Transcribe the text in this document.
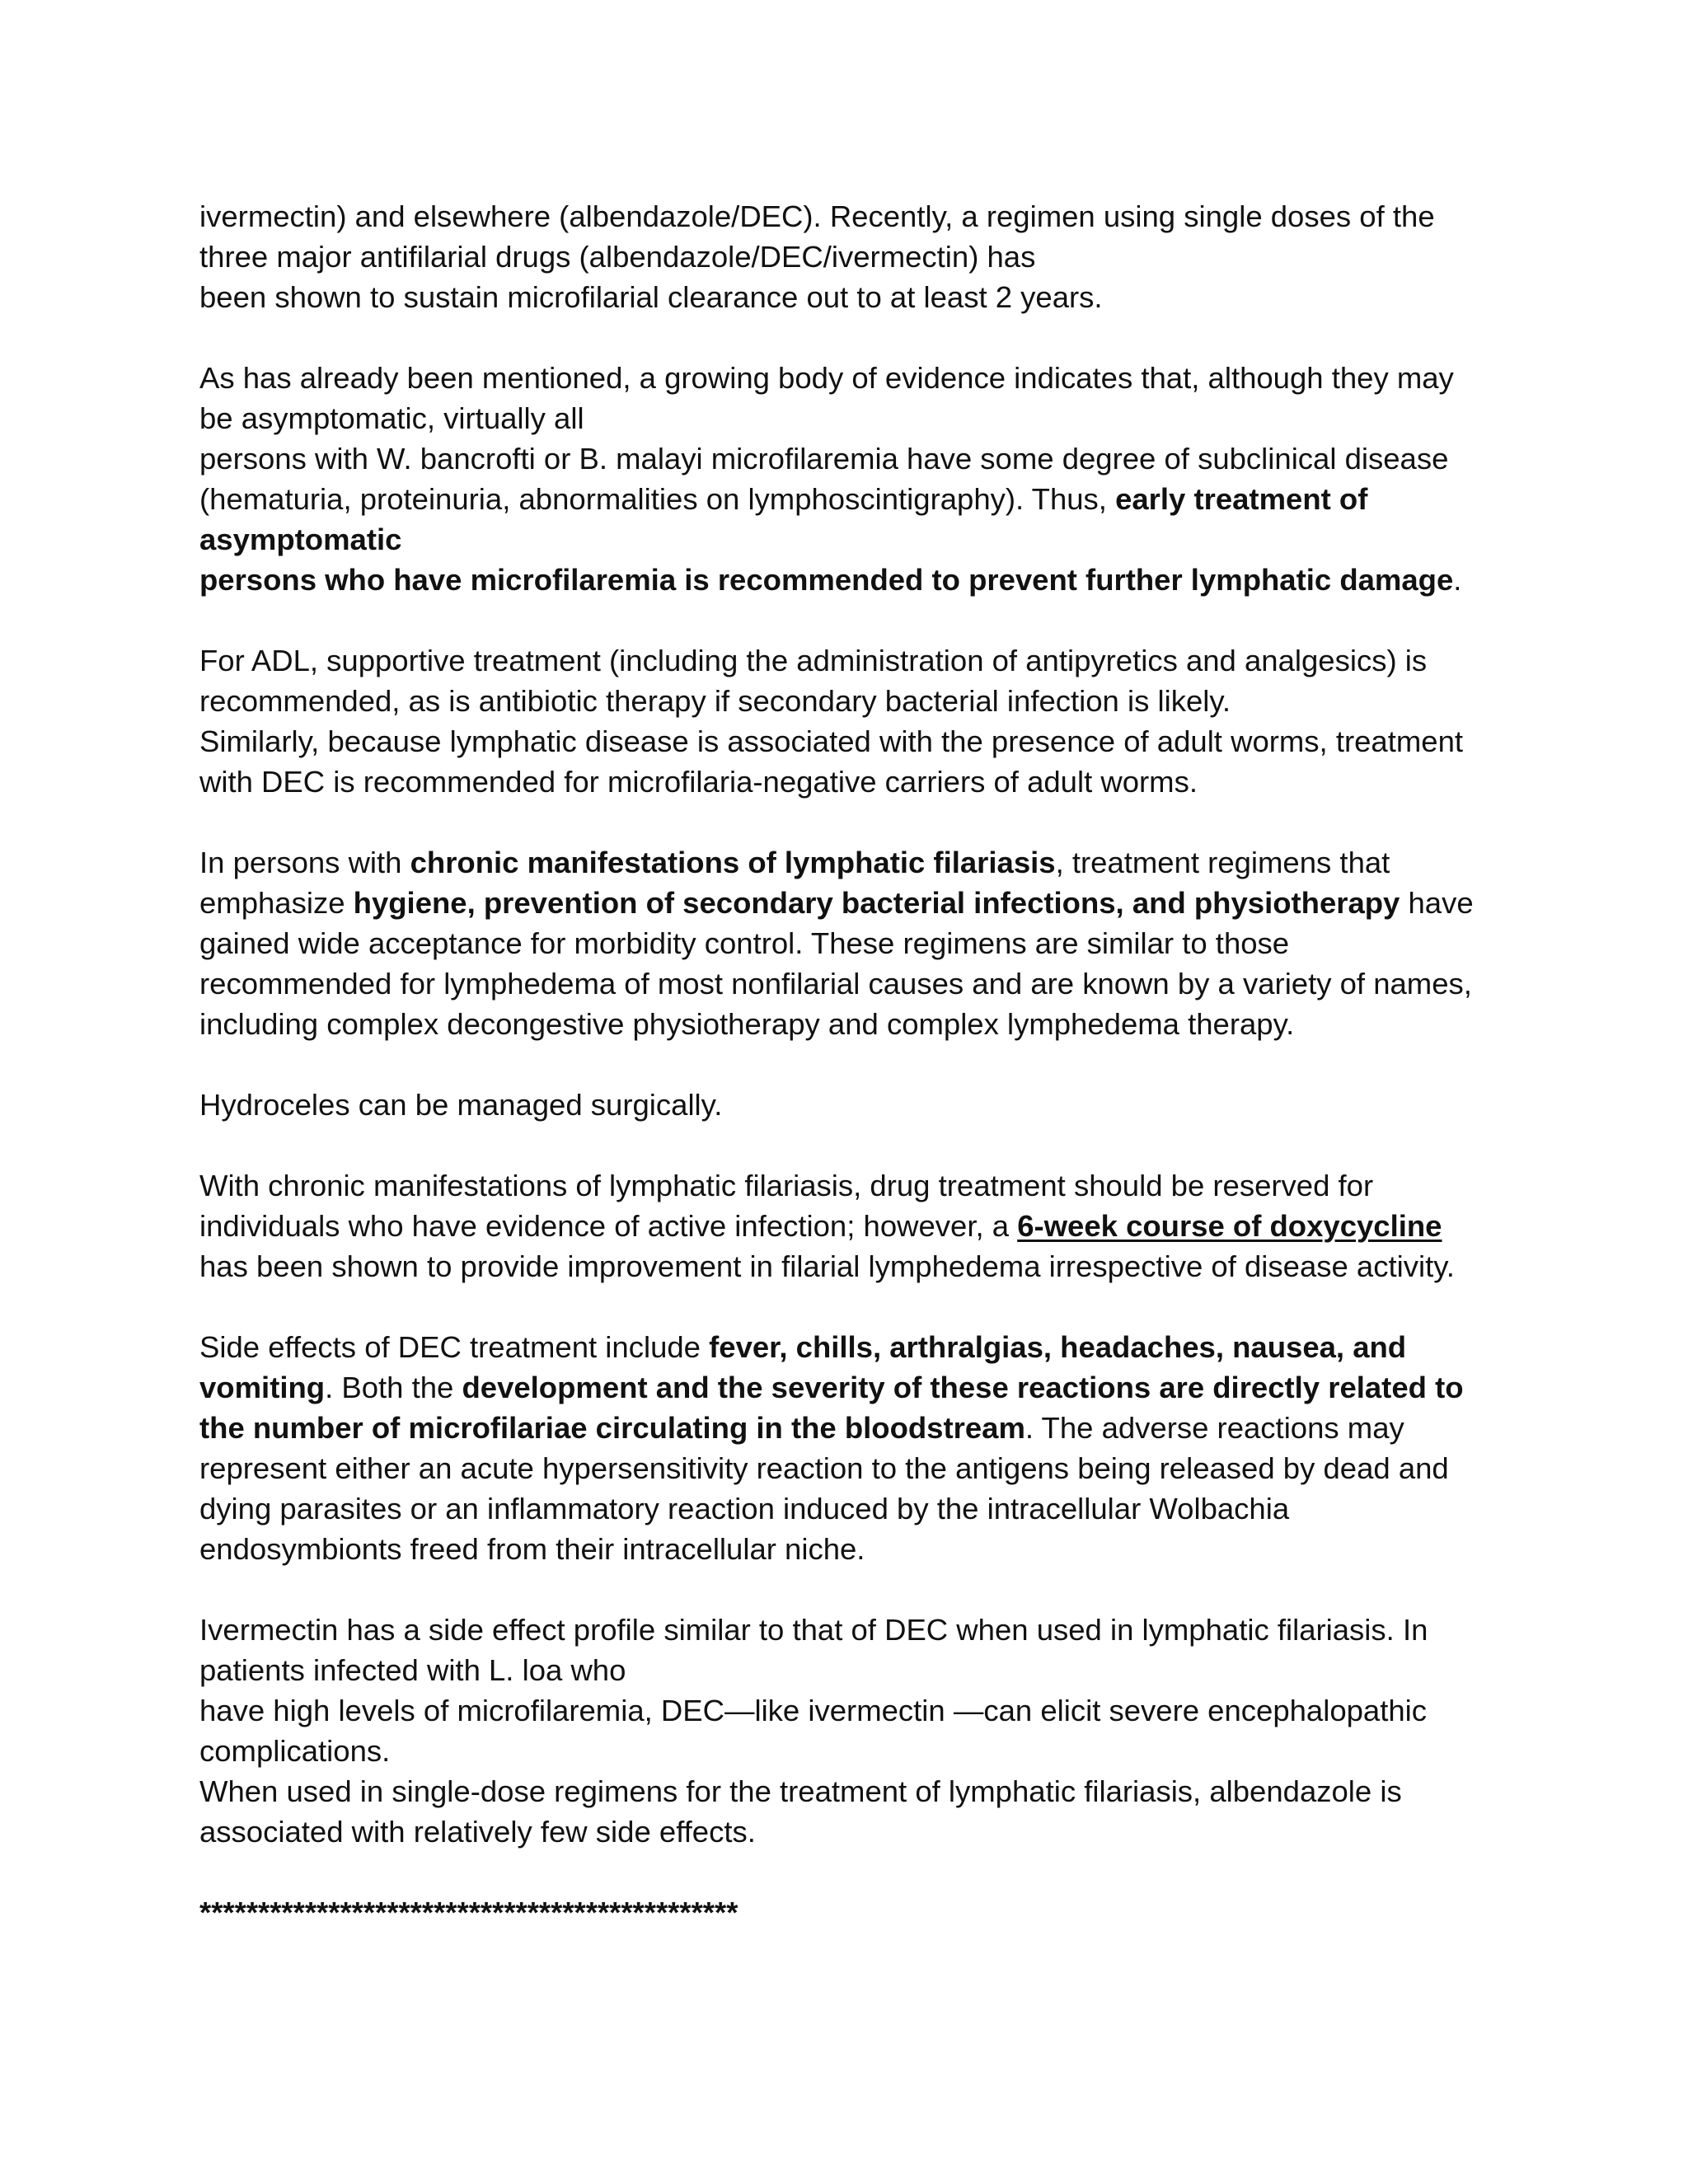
ivermectin) and elsewhere (albendazole/DEC). Recently, a regimen using single doses of the
three major antifilarial drugs (albendazole/DEC/ivermectin) has
been shown to sustain microfilarial clearance out to at least 2 years.
As has already been mentioned, a growing body of evidence indicates that, although they may
be asymptomatic, virtually all
persons with W. bancrofti or B. malayi microfilaremia have some degree of subclinical disease
(hematuria, proteinuria, abnormalities on lymphoscintigraphy). Thus, early treatment of
asymptomatic
persons who have microfilaremia is recommended to prevent further lymphatic damage.
For ADL, supportive treatment (including the administration of antipyretics and analgesics) is
recommended, as is antibiotic therapy if secondary bacterial infection is likely.
Similarly, because lymphatic disease is associated with the presence of adult worms, treatment
with DEC is recommended for microfilaria-negative carriers of adult worms.
In persons with chronic manifestations of lymphatic filariasis, treatment regimens that
emphasize hygiene, prevention of secondary bacterial infections, and physiotherapy have
gained wide acceptance for morbidity control. These regimens are similar to those
recommended for lymphedema of most nonfilarial causes and are known by a variety of names,
including complex decongestive physiotherapy and complex lymphedema therapy.
Hydroceles can be managed surgically.
With chronic manifestations of lymphatic filariasis, drug treatment should be reserved for
individuals who have evidence of active infection; however, a 6-week course of doxycycline
has been shown to provide improvement in filarial lymphedema irrespective of disease activity.
Side effects of DEC treatment include fever, chills, arthralgias, headaches, nausea, and
vomiting. Both the development and the severity of these reactions are directly related to
the number of microfilariae circulating in the bloodstream. The adverse reactions may
represent either an acute hypersensitivity reaction to the antigens being released by dead and
dying parasites or an inflammatory reaction induced by the intracellular Wolbachia
endosymbionts freed from their intracellular niche.
Ivermectin has a side effect profile similar to that of DEC when used in lymphatic filariasis. In
patients infected with L. loa who
have high levels of microfilaremia, DEC—like ivermectin —can elicit severe encephalopathic
complications.
When used in single-dose regimens for the treatment of lymphatic filariasis, albendazole is
associated with relatively few side effects.
**********************************************
